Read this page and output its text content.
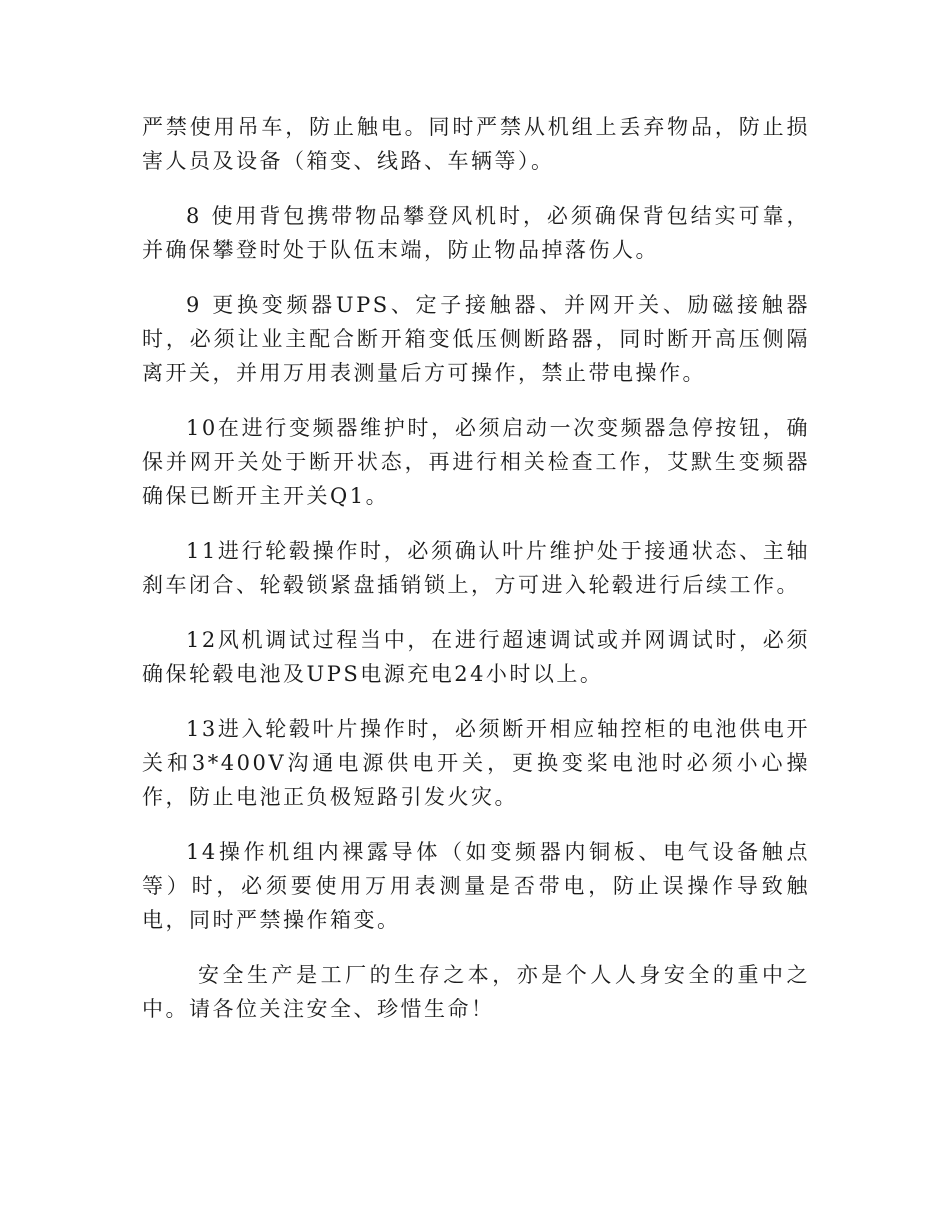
严禁使用吊车，防止触电。同时严禁从机组上丢弃物品，防止损害人员及设备（箱变、线路、车辆等）。

8 使用背包携带物品攀登风机时，必须确保背包结实可靠，并确保攀登时处于队伍末端，防止物品掉落伤人。

9 更换变频器UPS、定子接触器、并网开关、励磁接触器时，必须让业主配合断开箱变低压侧断路器，同时断开高压侧隔离开关，并用万用表测量后方可操作，禁止带电操作。

10在进行变频器维护时，必须启动一次变频器急停按钮，确保并网开关处于断开状态，再进行相关检查工作，艾默生变频器确保已断开主开关Q1。

11进行轮毂操作时，必须确认叶片维护处于接通状态、主轴刹车闭合、轮毂锁紧盘插销锁上，方可进入轮毂进行后续工作。

12风机调试过程当中，在进行超速调试或并网调试时，必须确保轮毂电池及UPS电源充电24小时以上。

13进入轮毂叶片操作时，必须断开相应轴控柜的电池供电开关和3*400V沟通电源供电开关，更换变桨电池时必须小心操作，防止电池正负极短路引发火灾。

14操作机组内裸露导体（如变频器内铜板、电气设备触点等）时，必须要使用万用表测量是否带电，防止误操作导致触电，同时严禁操作箱变。

安全生产是工厂的生存之本，亦是个人人身安全的重中之中。请各位关注安全、珍惜生命！
